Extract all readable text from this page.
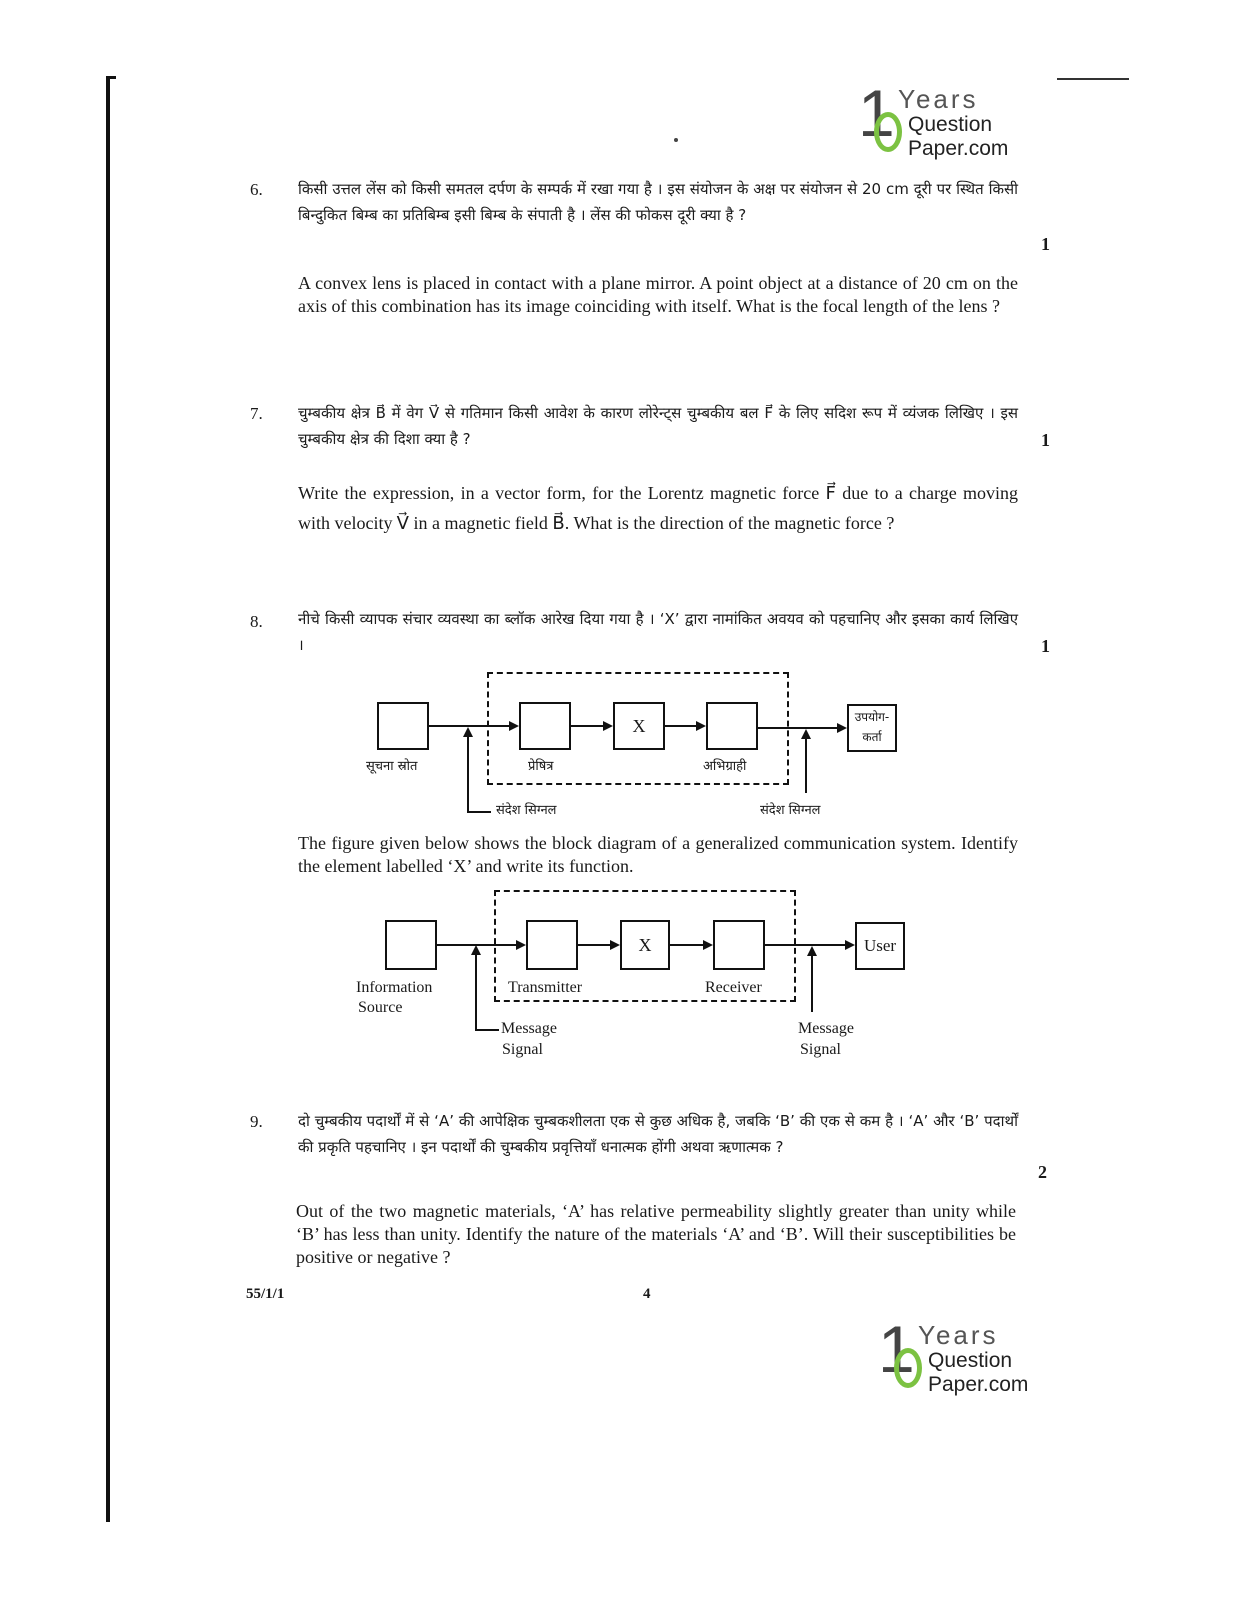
1 Years
Question
Paper.com
6. किसी उत्तल लेंस को किसी समतल दर्पण के सम्पर्क में रखा गया है । इस संयोजन के अक्ष पर संयोजन से 20 cm दूरी पर स्थित किसी बिन्दुकित बिम्ब का प्रतिबिम्ब इसी बिम्ब के संपाती है । लेंस की फोकस दूरी क्या है ?
1
A convex lens is placed in contact with a plane mirror. A point object at a distance of 20 cm on the axis of this combination has its image coinciding with itself. What is the focal length of the lens ?
7. चुम्बकीय क्षेत्र B⃗ में वेग V⃗ से गतिमान किसी आवेश के कारण लोरेन्ट्स चुम्बकीय बल F⃗ के लिए सदिश रूप में व्यंजक लिखिए । इस चुम्बकीय क्षेत्र की दिशा क्या है ?	1
Write the expression, in a vector form, for the Lorentz magnetic force F⃗ due to a charge moving with velocity V⃗ in a magnetic field B⃗. What is the direction of the magnetic force ?
8. नीचे किसी व्यापक संचार व्यवस्था का ब्लॉक आरेख दिया गया है । ‘X’ द्वारा नामांकित अवयव को पहचानिए और इसका कार्य लिखिए ।	1
X	उपयोग-
कर्ता
सूचना स्रोत	प्रेषित्र	अभिग्राही
संदेश सिग्नल	संदेश सिग्नल
The figure given below shows the block diagram of a generalized communication system. Identify the element labelled ‘X’ and write its function.
X	User
Information
Source
Transmitter	Receiver
Message
Signal
Message
Signal
9. दो चुम्बकीय पदार्थों में से ‘A’ की आपेक्षिक चुम्बकशीलता एक से कुछ अधिक है, जबकि ‘B’ की एक से कम है । ‘A’ और ‘B’ पदार्थों की प्रकृति पहचानिए । इन पदार्थों की चुम्बकीय प्रवृत्तियाँ धनात्मक होंगी अथवा ऋणात्मक ?
2
Out of the two magnetic materials, ‘A’ has relative permeability slightly greater than unity while ‘B’ has less than unity. Identify the nature of the materials ‘A’ and ‘B’. Will their susceptibilities be positive or negative ?
55/1/1	4
1 Years
Question
Paper.com
